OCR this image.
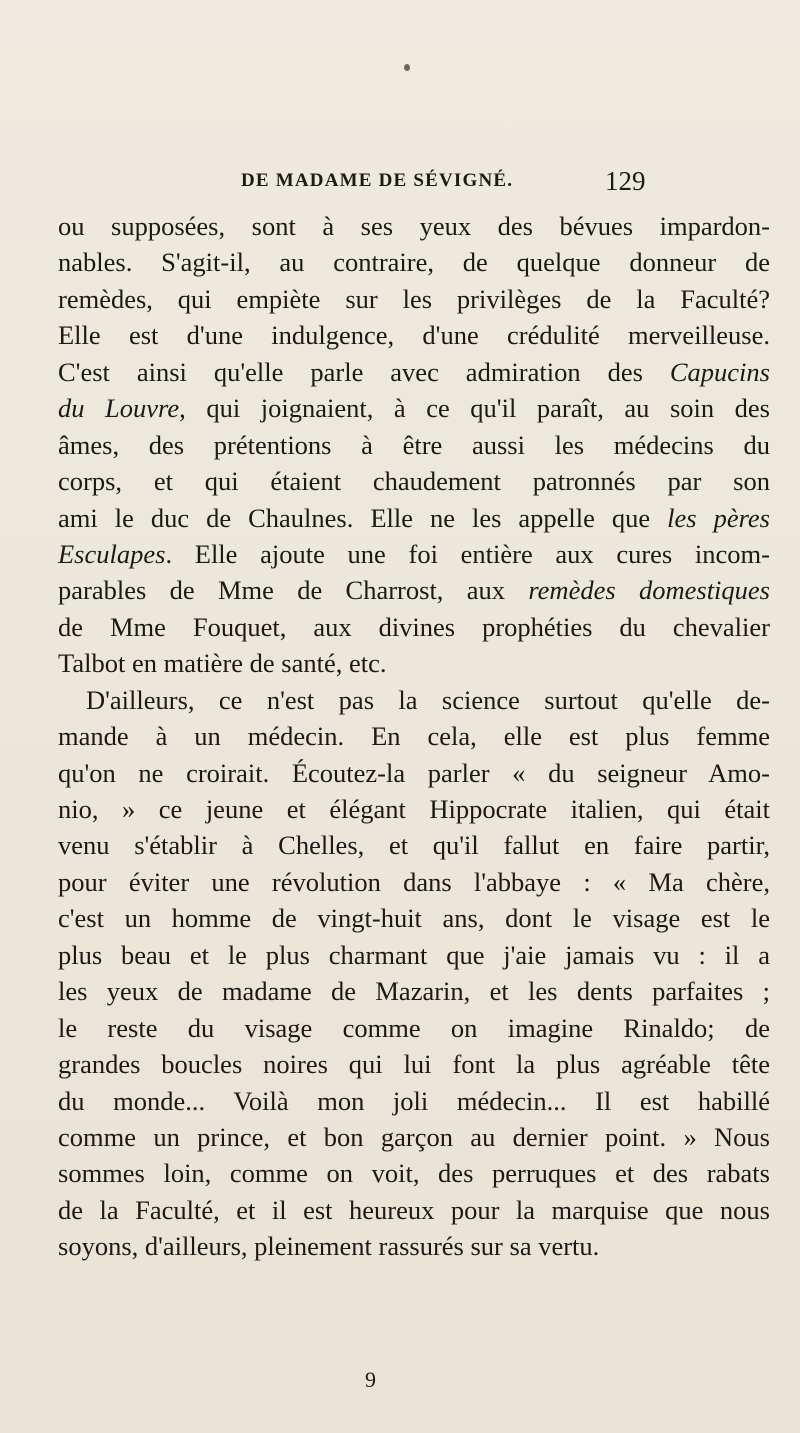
DE MADAME DE SÉVIGNÉ.	129
ou supposées, sont à ses yeux des bévues impardon-
nables. S'agit-il, au contraire, de quelque donneur de
remèdes, qui empiète sur les privilèges de la Faculté?
Elle est d'une indulgence, d'une crédulité merveilleuse.
C'est ainsi qu'elle parle avec admiration des Capucins
du Louvre, qui joignaient, à ce qu'il paraît, au soin des
âmes, des prétentions à être aussi les médecins du
corps, et qui étaient chaudement patronnés par son
ami le duc de Chaulnes. Elle ne les appelle que les pères
Esculapes. Elle ajoute une foi entière aux cures incom-
parables de Mme de Charrost, aux remèdes domestiques
de Mme Fouquet, aux divines prophéties du chevalier
Talbot en matière de santé, etc.
D'ailleurs, ce n'est pas la science surtout qu'elle de-
mande à un médecin. En cela, elle est plus femme
qu'on ne croirait. Écoutez-la parler « du seigneur Amo-
nio, » ce jeune et élégant Hippocrate italien, qui était
venu s'établir à Chelles, et qu'il fallut en faire partir,
pour éviter une révolution dans l'abbaye : « Ma chère,
c'est un homme de vingt-huit ans, dont le visage est le
plus beau et le plus charmant que j'aie jamais vu : il a
les yeux de madame de Mazarin, et les dents parfaites ;
le reste du visage comme on imagine Rinaldo; de
grandes boucles noires qui lui font la plus agréable tête
du monde... Voilà mon joli médecin... Il est habillé
comme un prince, et bon garçon au dernier point. » Nous
sommes loin, comme on voit, des perruques et des rabats
de la Faculté, et il est heureux pour la marquise que nous
soyons, d'ailleurs, pleinement rassurés sur sa vertu.
9
